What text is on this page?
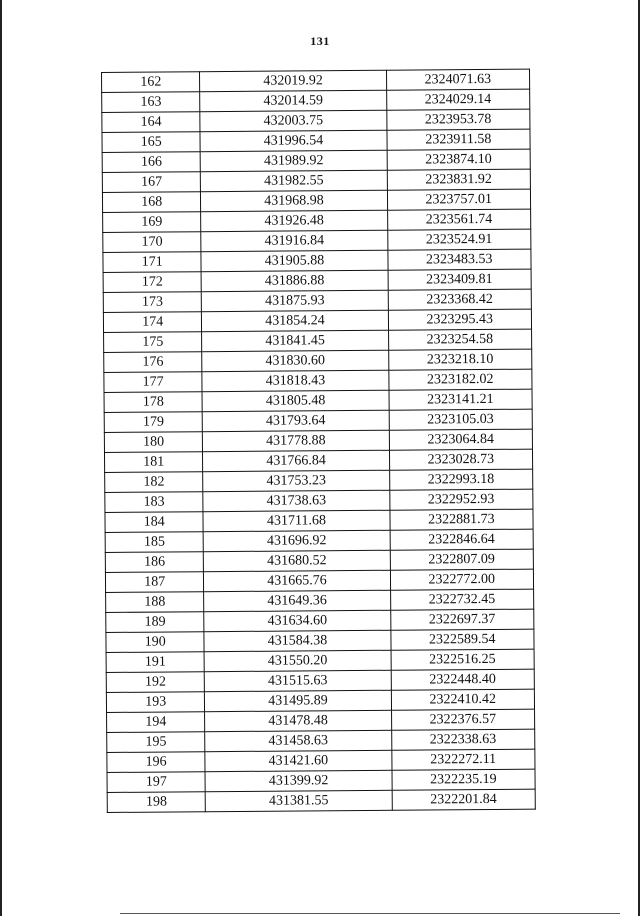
131
162	432019.92	2324071.63
163	432014.59	2324029.14
164	432003.75	2323953.78
165	431996.54	2323911.58
166	431989.92	2323874.10
167	431982.55	2323831.92
168	431968.98	2323757.01
169	431926.48	2323561.74
170	431916.84	2323524.91
171	431905.88	2323483.53
172	431886.88	2323409.81
173	431875.93	2323368.42
174	431854.24	2323295.43
175	431841.45	2323254.58
176	431830.60	2323218.10
177	431818.43	2323182.02
178	431805.48	2323141.21
179	431793.64	2323105.03
180	431778.88	2323064.84
181	431766.84	2323028.73
182	431753.23	2322993.18
183	431738.63	2322952.93
184	431711.68	2322881.73
185	431696.92	2322846.64
186	431680.52	2322807.09
187	431665.76	2322772.00
188	431649.36	2322732.45
189	431634.60	2322697.37
190	431584.38	2322589.54
191	431550.20	2322516.25
192	431515.63	2322448.40
193	431495.89	2322410.42
194	431478.48	2322376.57
195	431458.63	2322338.63
196	431421.60	2322272.11
197	431399.92	2322235.19
198	431381.55	2322201.84
